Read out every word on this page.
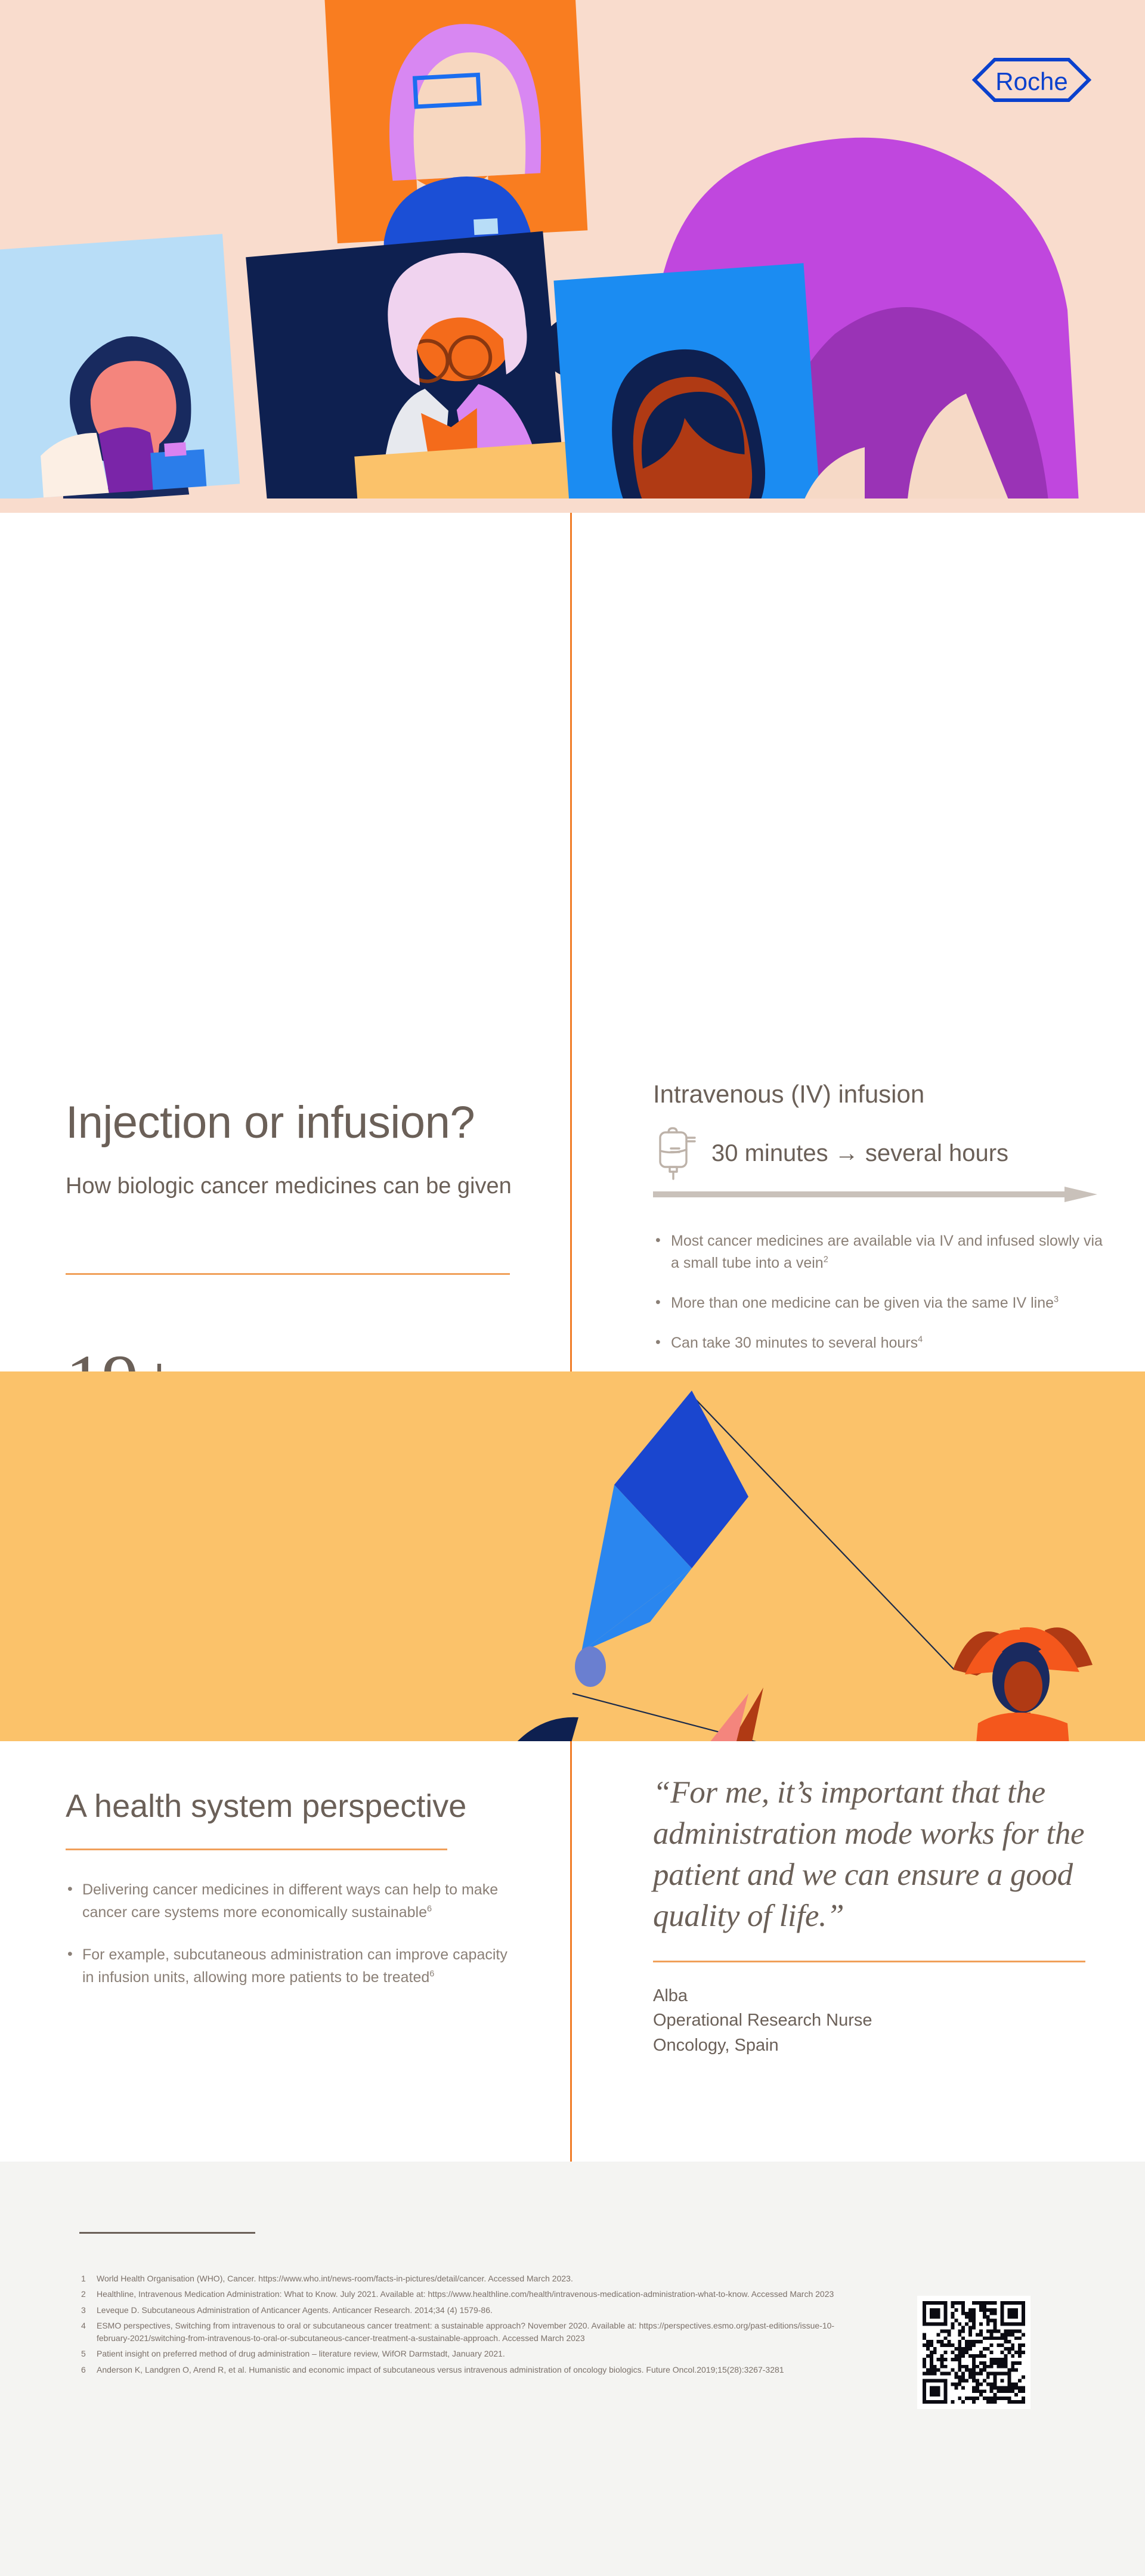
Roche
Injection or infusion?
How biologic cancer medicines can be given
Intravenous (IV) infusion
30 minutes → several hours
• Most cancer medicines are available via IV and infused slowly via a small tube into a vein$^2$
• More than one medicine can be given via the same IV line$^3$
• Can take 30 minutes to several hours$^4$
•
•
•
•
•
A health system perspective
• Delivering cancer medicines in different ways can help to make cancer care systems more economically sustainable$^6$
• For example, subcutaneous administration can improve capacity in infusion units, allowing more patients to be treated$^6$
“For me, it’s important that the administration mode works for the patient and we can ensure a good quality of life.”
Alba
Operational Research Nurse
Oncology, Spain
1	World Health Organisation (WHO), Cancer. https://www.who.int/news-room/facts-in-pictures/detail/cancer. Accessed March 2023.
2	Healthline, Intravenous Medication Administration: What to Know. July 2021. Available at: https://www.healthline.com/health/intravenous-medication-administration-what-to-know. Accessed March 2023
3	Leveque D. Subcutaneous Administration of Anticancer Agents. Anticancer Research. 2014;34 (4) 1579-86.
4	ESMO perspectives, Switching from intravenous to oral or subcutaneous cancer treatment: a sustainable approach? November 2020. Available at: https://perspectives.esmo.org/past-editions/issue-10-february-2021/switching-from-intravenous-to-oral-or-subcutaneous-cancer-treatment-a-sustainable-approach. Accessed March 2023
5	Patient insight on preferred method of drug administration – literature review, WifOR Darmstadt, January 2021.
6	Anderson K, Landgren O, Arend R, et al. Humanistic and economic impact of subcutaneous versus intravenous administration of oncology biologics. Future Oncol.2019;15(28):3267-3281
